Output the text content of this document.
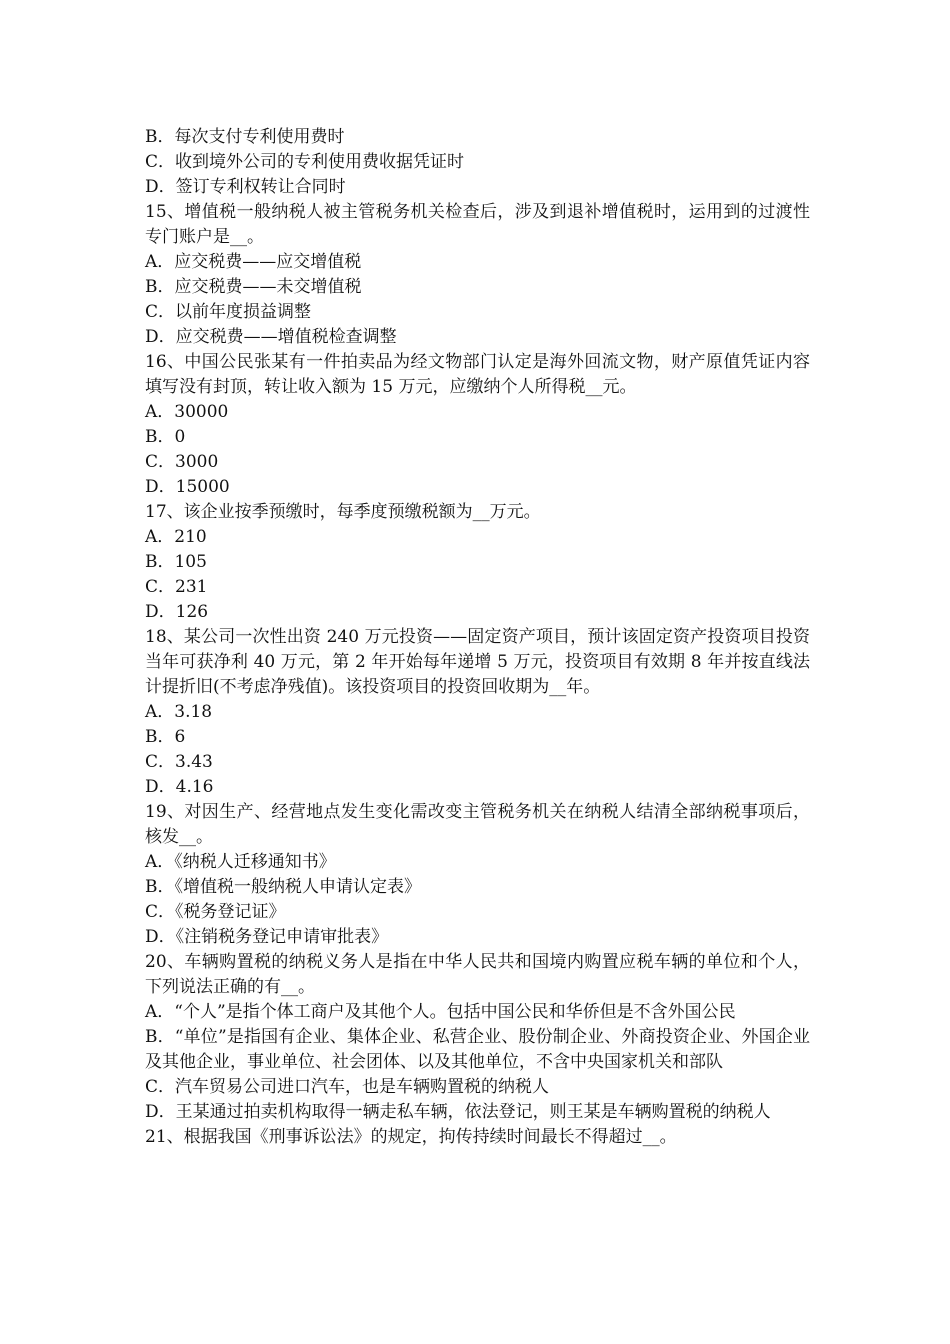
B．每次支付专利使用费时

C．收到境外公司的专利使用费收据凭证时

D．签订专利权转让合同时

15、增值税一般纳税人被主管税务机关检查后，涉及到退补增值税时，运用到的过渡性专门账户是__。

A．应交税费——应交增值税

B．应交税费——未交增值税

C．以前年度损益调整

D．应交税费——增值税检查调整

16、中国公民张某有一件拍卖品为经文物部门认定是海外回流文物，财产原值凭证内容填写没有封顶，转让收入额为 15 万元，应缴纳个人所得税__元。

A．30000

B．0

C．3000

D．15000

17、该企业按季预缴时，每季度预缴税额为__万元。

A．210

B．105

C．231

D．126

18、某公司一次性出资 240 万元投资——固定资产项目，预计该固定资产投资项目投资当年可获净利 40 万元，第 2 年开始每年递增 5 万元，投资项目有效期 8 年并按直线法计提折旧(不考虑净残值)。该投资项目的投资回收期为__年。

A．3.18

B．6

C．3.43

D．4.16

19、对因生产、经营地点发生变化需改变主管税务机关在纳税人结清全部纳税事项后，核发__。

A．《纳税人迁移通知书》

B．《增值税一般纳税人申请认定表》

C．《税务登记证》

D．《注销税务登记申请审批表》

20、车辆购置税的纳税义务人是指在中华人民共和国境内购置应税车辆的单位和个人，下列说法正确的有__。

A．“个人”是指个体工商户及其他个人。包括中国公民和华侨但是不含外国公民

B．“单位”是指国有企业、集体企业、私营企业、股份制企业、外商投资企业、外国企业及其他企业，事业单位、社会团体、以及其他单位，不含中央国家机关和部队

C．汽车贸易公司进口汽车，也是车辆购置税的纳税人

D．王某通过拍卖机构取得一辆走私车辆，依法登记，则王某是车辆购置税的纳税人

21、根据我国《刑事诉讼法》的规定，拘传持续时间最长不得超过__。
